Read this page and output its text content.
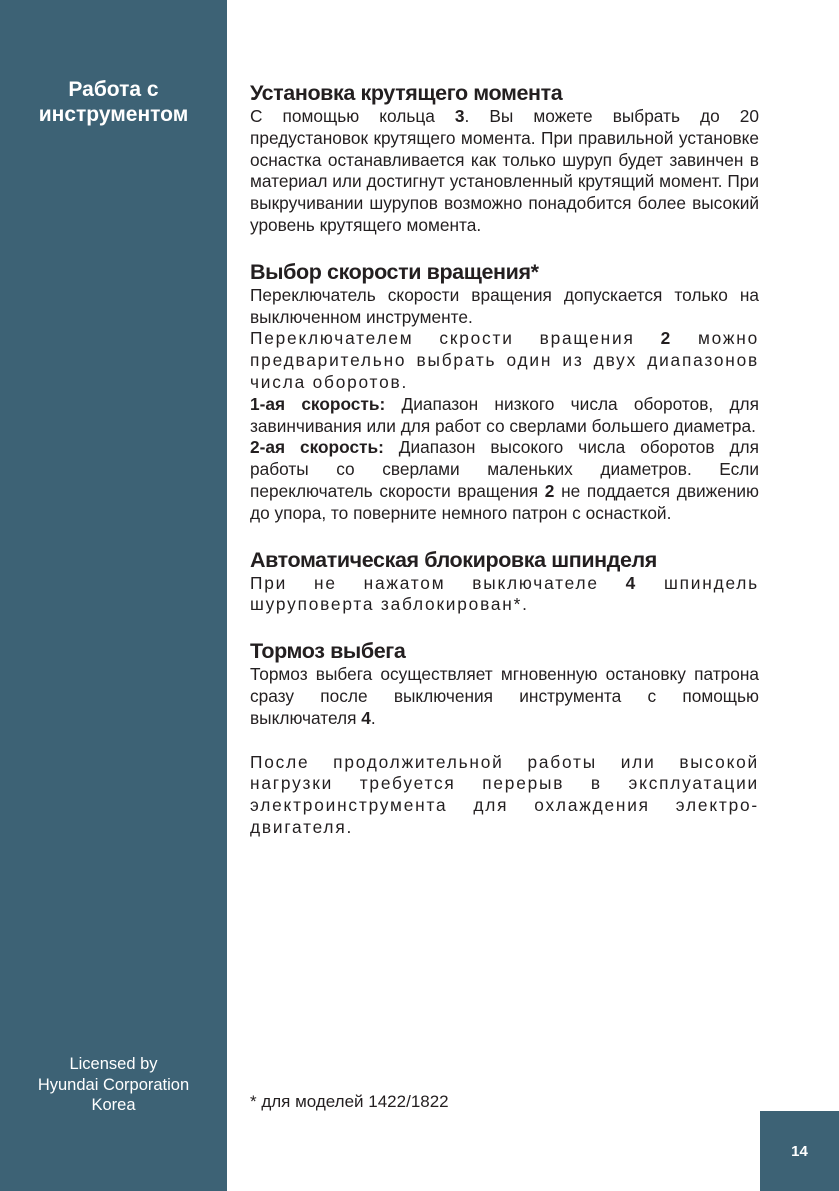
Работа с
инструментом
Licensed by
Hyundai Corporation
Korea
Установка крутящего момента

С помощью кольца 3. Вы можете выбрать до 20 предустановок крутящего момента. При правильной установке оснастка останавливается как только шуруп будет завинчен в материал или достигнут установленный крутящий момент. При выкручивании шурупов возможно понадобится более высокий уровень крутящего момента.

Выбор скорости вращения*

Переключатель скорости вращения допускается только на выключенном инструменте.

Переключателем скрости вращения 2 можно предварительно выбрать один из двух диапазонов числа оборотов.

1-ая скорость: Диапазон низкого числа оборотов, для завинчивания или для работ со сверлами большего диаметра.

2-ая скорость: Диапазон высокого числа оборотов для работы со сверлами маленьких диаметров. Если переключатель скорости вращения 2 не поддается движению до упора, то поверните немного патрон с оснасткой.

Автоматическая блокировка шпинделя

При не нажатом выключателе 4 шпиндель шуруповерта заблокирован*.

Тормоз выбега

Тормоз выбега осуществляет мгновенную остановку патрона сразу после выключения инструмента с помощью выключателя 4.

После продолжительной работы или высокой нагрузки требуется перерыв в эксплуатации электроинструмента для охлаждения электро-двигателя.

* для моделей 1422/1822
14
